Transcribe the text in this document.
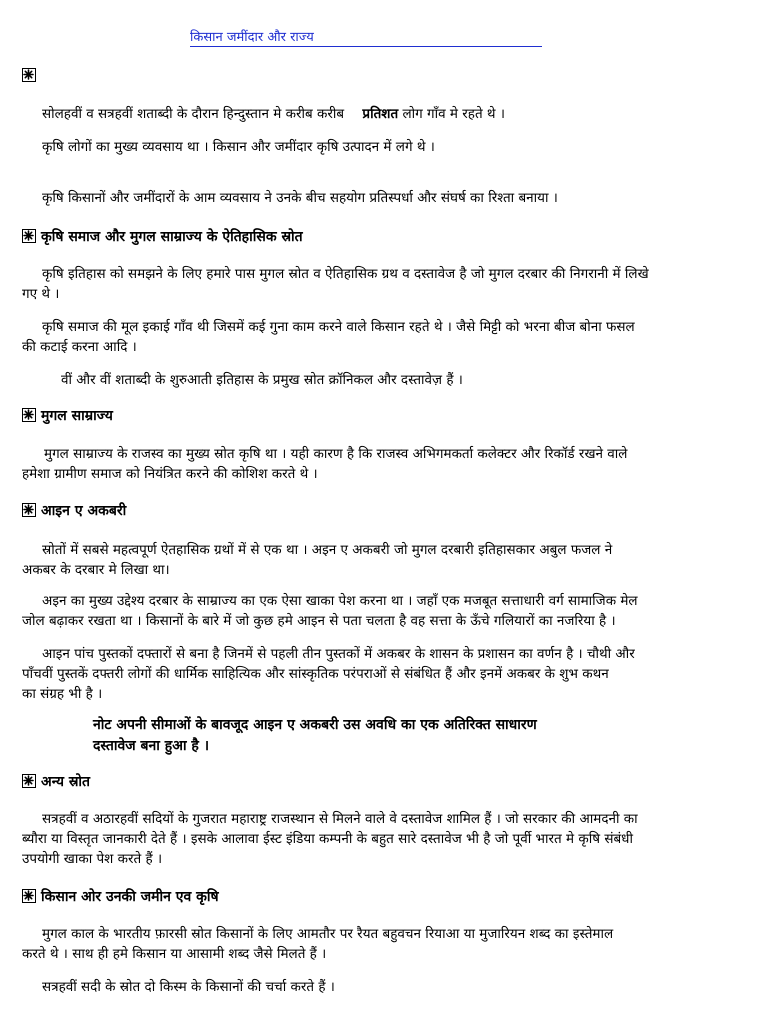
किसान जमींदार और राज्य
सोलहवीं व सत्रहवीं शताब्दी के दौरान हिन्दुस्तान मे करीब करीब प्रतिशत लोग गाँव मे रहते थे ।
कृषि लोगों का मुख्य व्यवसाय था । किसान और जमींदार कृषि उत्पादन में लगे थे ।
कृषि किसानों और जमींदारों के आम व्यवसाय ने उनके बीच सहयोग प्रतिस्पर्धा और संघर्ष का रिश्ता बनाया ।
कृषि समाज और मुगल साम्राज्य के ऐतिहासिक स्रोत
कृषि इतिहास को समझने के लिए हमारे पास मुगल स्रोत व ऐतिहासिक ग्रथ व दस्तावेज है जो मुगल दरबार की निगरानी में लिखे
गए थे ।
कृषि समाज की मूल इकाई गाँव थी जिसमें कई गुना काम करने वाले किसान रहते थे । जैसे मिट्टी को भरना बीज बोना फसल
की कटाई करना आदि ।
वीं और वीं शताब्दी के शुरुआती इतिहास के प्रमुख स्रोत क्रॉनिकल और दस्तावेज़ हैं ।
मुगल साम्राज्य
मुगल साम्राज्य के राजस्व का मुख्य स्रोत कृषि था । यही कारण है कि राजस्व अभिगमकर्ता कलेक्टर और रिकॉर्ड रखने वाले
हमेशा ग्रामीण समाज को नियंत्रित करने की कोशिश करते थे ।
आइन ए अकबरी
स्रोतों में सबसे महत्वपूर्ण ऐतहासिक ग्रथों में से एक था । अइन ए अकबरी जो मुगल दरबारी इतिहासकार अबुल फजल ने
अकबर के दरबार मे लिखा था।
अइन का मुख्य उद्देश्य दरबार के साम्राज्य का एक ऐसा खाका पेश करना था । जहाँ एक मजबूत सत्ताधारी वर्ग सामाजिक मेल
जोल बढ़ाकर रखता था । किसानों के बारे में जो कुछ हमे आइन से पता चलता है वह सत्ता के ऊँचे गलियारों का नजरिया है ।
आइन पांच पुस्तकों दफ्तारों से बना है जिनमें से पहली तीन पुस्तकों में अकबर के शासन के प्रशासन का वर्णन है । चौथी और
पाँचवीं पुस्तकें दफ्तरी लोगों की धार्मिक साहित्यिक और सांस्कृतिक परंपराओं से संबंधित हैं और इनमें अकबर के शुभ कथन
का संग्रह भी है ।
नोट अपनी सीमाओं के बावजूद आइन ए अकबरी उस अवधि का एक अतिरिक्त साधारण
दस्तावेज बना हुआ है ।
अन्य स्रोत
सत्रहवीं व अठारहवीं सदियों के गुजरात महाराष्ट्र राजस्थान से मिलने वाले वे दस्तावेज शामिल हैं । जो सरकार की आमदनी का
ब्यौरा या विस्तृत जानकारी देते हैं । इसके आलावा ईस्ट इंडिया कम्पनी के बहुत सारे दस्तावेज भी है जो पूर्वी भारत मे कृषि संबंधी
उपयोगी खाका पेश करते हैं ।
किसान ओर उनकी जमीन एव कृषि
मुगल काल के भारतीय फ़ारसी स्रोत किसानों के लिए आमतौर पर रैयत बहुवचन रियाआ या मुजारियन शब्द का इस्तेमाल
करते थे । साथ ही हमे किसान या आसामी शब्द जैसे मिलते हैं ।
सत्रहवीं सदी के स्रोत दो किस्म के किसानों की चर्चा करते हैं ।
